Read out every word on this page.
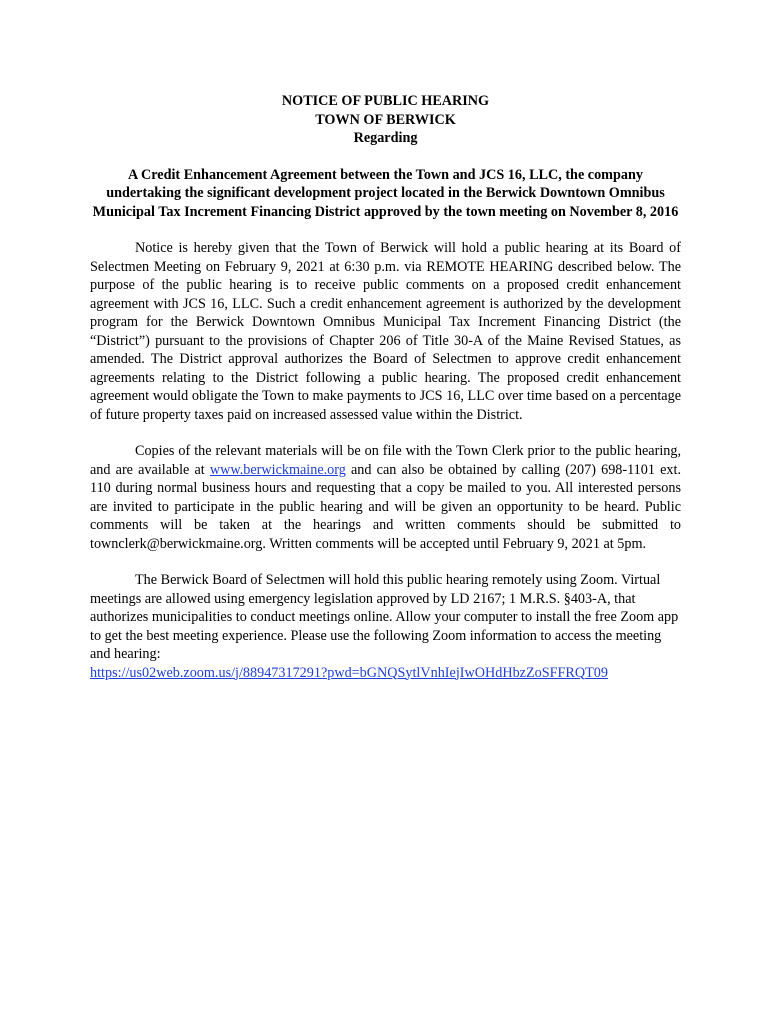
NOTICE OF PUBLIC HEARING
TOWN OF BERWICK
Regarding
A Credit Enhancement Agreement between the Town and JCS 16, LLC, the company undertaking the significant development project located in the Berwick Downtown Omnibus Municipal Tax Increment Financing District approved by the town meeting on November 8, 2016
Notice is hereby given that the Town of Berwick will hold a public hearing at its Board of Selectmen Meeting on February 9, 2021 at 6:30 p.m. via REMOTE HEARING described below. The purpose of the public hearing is to receive public comments on a proposed credit enhancement agreement with JCS 16, LLC. Such a credit enhancement agreement is authorized by the development program for the Berwick Downtown Omnibus Municipal Tax Increment Financing District (the “District”) pursuant to the provisions of Chapter 206 of Title 30-A of the Maine Revised Statues, as amended. The District approval authorizes the Board of Selectmen to approve credit enhancement agreements relating to the District following a public hearing. The proposed credit enhancement agreement would obligate the Town to make payments to JCS 16, LLC over time based on a percentage of future property taxes paid on increased assessed value within the District.
Copies of the relevant materials will be on file with the Town Clerk prior to the public hearing, and are available at www.berwickmaine.org and can also be obtained by calling (207) 698-1101 ext. 110 during normal business hours and requesting that a copy be mailed to you. All interested persons are invited to participate in the public hearing and will be given an opportunity to be heard. Public comments will be taken at the hearings and written comments should be submitted to townclerk@berwickmaine.org. Written comments will be accepted until February 9, 2021 at 5pm.
The Berwick Board of Selectmen will hold this public hearing remotely using Zoom. Virtual meetings are allowed using emergency legislation approved by LD 2167; 1 M.R.S. §403-A, that authorizes municipalities to conduct meetings online. Allow your computer to install the free Zoom app to get the best meeting experience. Please use the following Zoom information to access the meeting and hearing:
https://us02web.zoom.us/j/88947317291?pwd=bGNQSytlVnhIejIwOHdHbzZoSFFRQT09
